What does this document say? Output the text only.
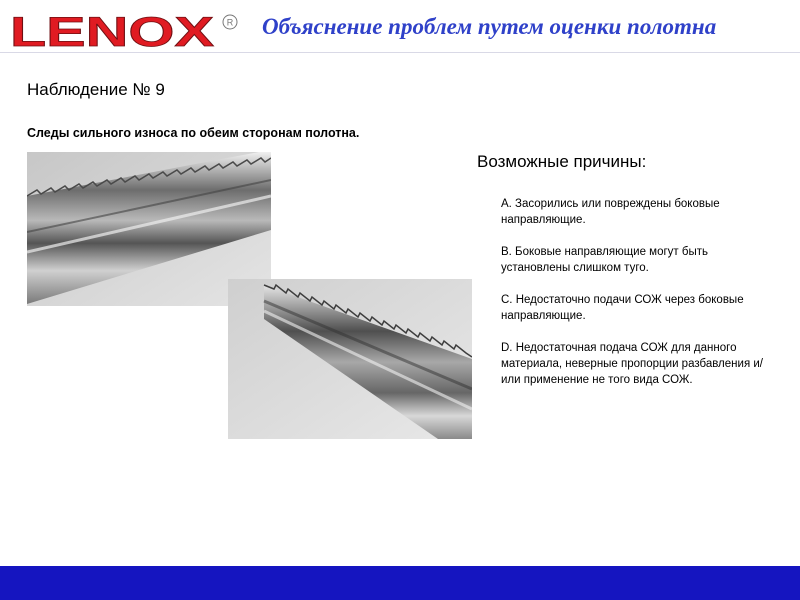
LENOX R Объяснение проблем путем оценки полотна
Наблюдение № 9
Следы сильного износа по обеим сторонам полотна.
Возможные причины:
A. Засорились или повреждены боковые направляющие.
B. Боковые направляющие могут быть установлены слишком туго.
C. Недостаточно подачи СОЖ через боковые направляющие.
D. Недостаточная подача СОЖ для данного материала, неверные пропорции разбавления и/или применение не того вида СОЖ.
